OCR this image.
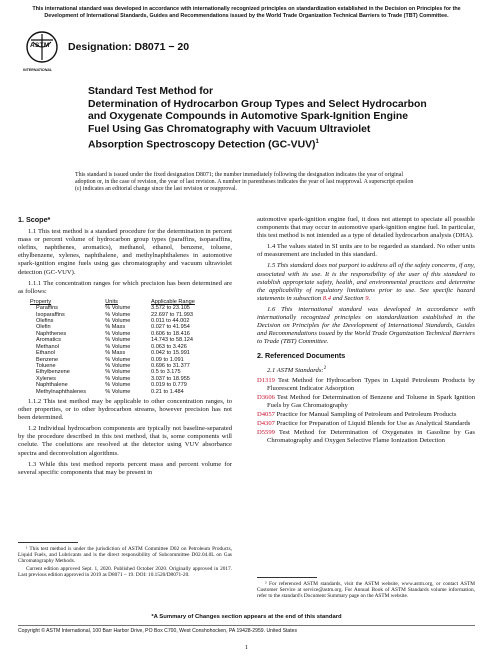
This international standard was developed in accordance with internationally recognized principles on standardization established in the Decision on Principles for the Development of International Standards, Guides and Recommendations issued by the World Trade Organization Technical Barriers to Trade (TBT) Committee.
ASTM
INTERNATIONAL
Designation: D8071 − 20
Standard Test Method for
Determination of Hydrocarbon Group Types and Select Hydrocarbon and Oxygenate Compounds in Automotive Spark-Ignition Engine Fuel Using Gas Chromatography with Vacuum Ultraviolet Absorption Spectroscopy Detection $(GC-VUV)^1$
This standard is issued under the fixed designation D8071; the number immediately following the designation indicates the year of original adoption or, in the case of revision, the year of last revision. A number in parentheses indicates the year of last reapproval. A superscript epsilon (ε) indicates an editorial change since the last revision or reapproval.
1. Scope*

1.1 This test method is a standard procedure for the determination in percent mass or percent volume of hydrocarbon group types (paraffins, isoparaffins, olefins, naphthenes, aromatics), methanol, ethanol, benzene, toluene, ethylbenzene, xylenes, naphthalene, and methylnaphthalenes in automotive spark-ignition engine fuels using gas chromatography and vacuum ultraviolet detection (GC-VUV).

1.1.1 The concentration ranges for which precision has been determined are as follows:

Property	Units	Applicable Range
Paraffins	% Volume	3.572 to 23.105
Isoparaffins	% Volume	22.697 to 71.993
Olefins	% Volume	0.011 to 44.002
Olefin	% Mass	0.027 to 41.954
Naphthenes	% Volume	0.606 to 18.416
Aromatics	% Volume	14.743 to 58.124
Methanol	% Volume	0.063 to 3.426
Ethanol	% Mass	0.042 to 15.991
Benzene	% Volume	0.09 to 1.091
Toluene	% Volume	0.696 to 31.377
Ethylbenzene	% Volume	0.5 to 3.175
Xylenes	% Volume	3.037 to 18.955
Naphthalene	% Volume	0.019 to 0.779
Methylnaphthalenes	% Volume	0.21 to 1.484

1.1.2 This test method may be applicable to other concentration ranges, to other properties, or to other hydrocarbon streams, however precision has not been determined.

1.2 Individual hydrocarbon components are typically not baseline-separated by the procedure described in this test method, that is, some components will coelute. The coelutions are resolved at the detector using VUV absorbance spectra and deconvolution algorithms.

1.3 While this test method reports percent mass and percent volume for several specific components that may be present in

automotive spark-ignition engine fuel, it does not attempt to speciate all possible components that may occur in automotive spark-ignition engine fuel. In particular, this test method is not intended as a type of detailed hydrocarbon analysis (DHA).

1.4 The values stated in SI units are to be regarded as standard. No other units of measurement are included in this standard.

1.5 This standard does not purport to address all of the safety concerns, if any, associated with its use. It is the responsibility of the user of this standard to establish appropriate safety, health, and environmental practices and determine the applicability of regulatory limitations prior to use. See specific hazard statements in subsection 8.4 and Section 9.

1.6 This international standard was developed in accordance with internationally recognized principles on standardization established in the Decision on Principles for the Development of International Standards, Guides and Recommendations issued by the World Trade Organization Technical Barriers to Trade (TBT) Committee.

2. Referenced Documents
2.1 ASTM Standards:$^2$
D1319 Test Method for Hydrocarbon Types in Liquid Petroleum Products by Fluorescent Indicator Adsorption
D3606 Test Method for Determination of Benzene and Toluene in Spark Ignition Fuels by Gas Chromatography
D4057 Practice for Manual Sampling of Petroleum and Petroleum Products
D4307 Practice for Preparation of Liquid Blends for Use as Analytical Standards
D5599 Test Method for Determination of Oxygenates in Gasoline by Gas Chromatography and Oxygen Selective Flame Ionization Detection

¹ This test method is under the jurisdiction of ASTM Committee D02 on Petroleum Products, Liquid Fuels, and Lubricants and is the direct responsibility of Subcommittee D02.04.0L on Gas Chromatography Methods.

Current edition approved Sept. 1, 2020. Published October 2020. Originally approved in 2017. Last previous edition approved in 2019 as D8071 – 19. DOI: 10.1520/D8071-20.

² For referenced ASTM standards, visit the ASTM website, www.astm.org, or contact ASTM Customer Service at service@astm.org. For Annual Book of ASTM Standards volume information, refer to the standard's Document Summary page on the ASTM website.

*A Summary of Changes section appears at the end of this standard
Copyright © ASTM International, 100 Barr Harbor Drive, PO Box C700, West Conshohocken, PA 19428-2959. United States
1
